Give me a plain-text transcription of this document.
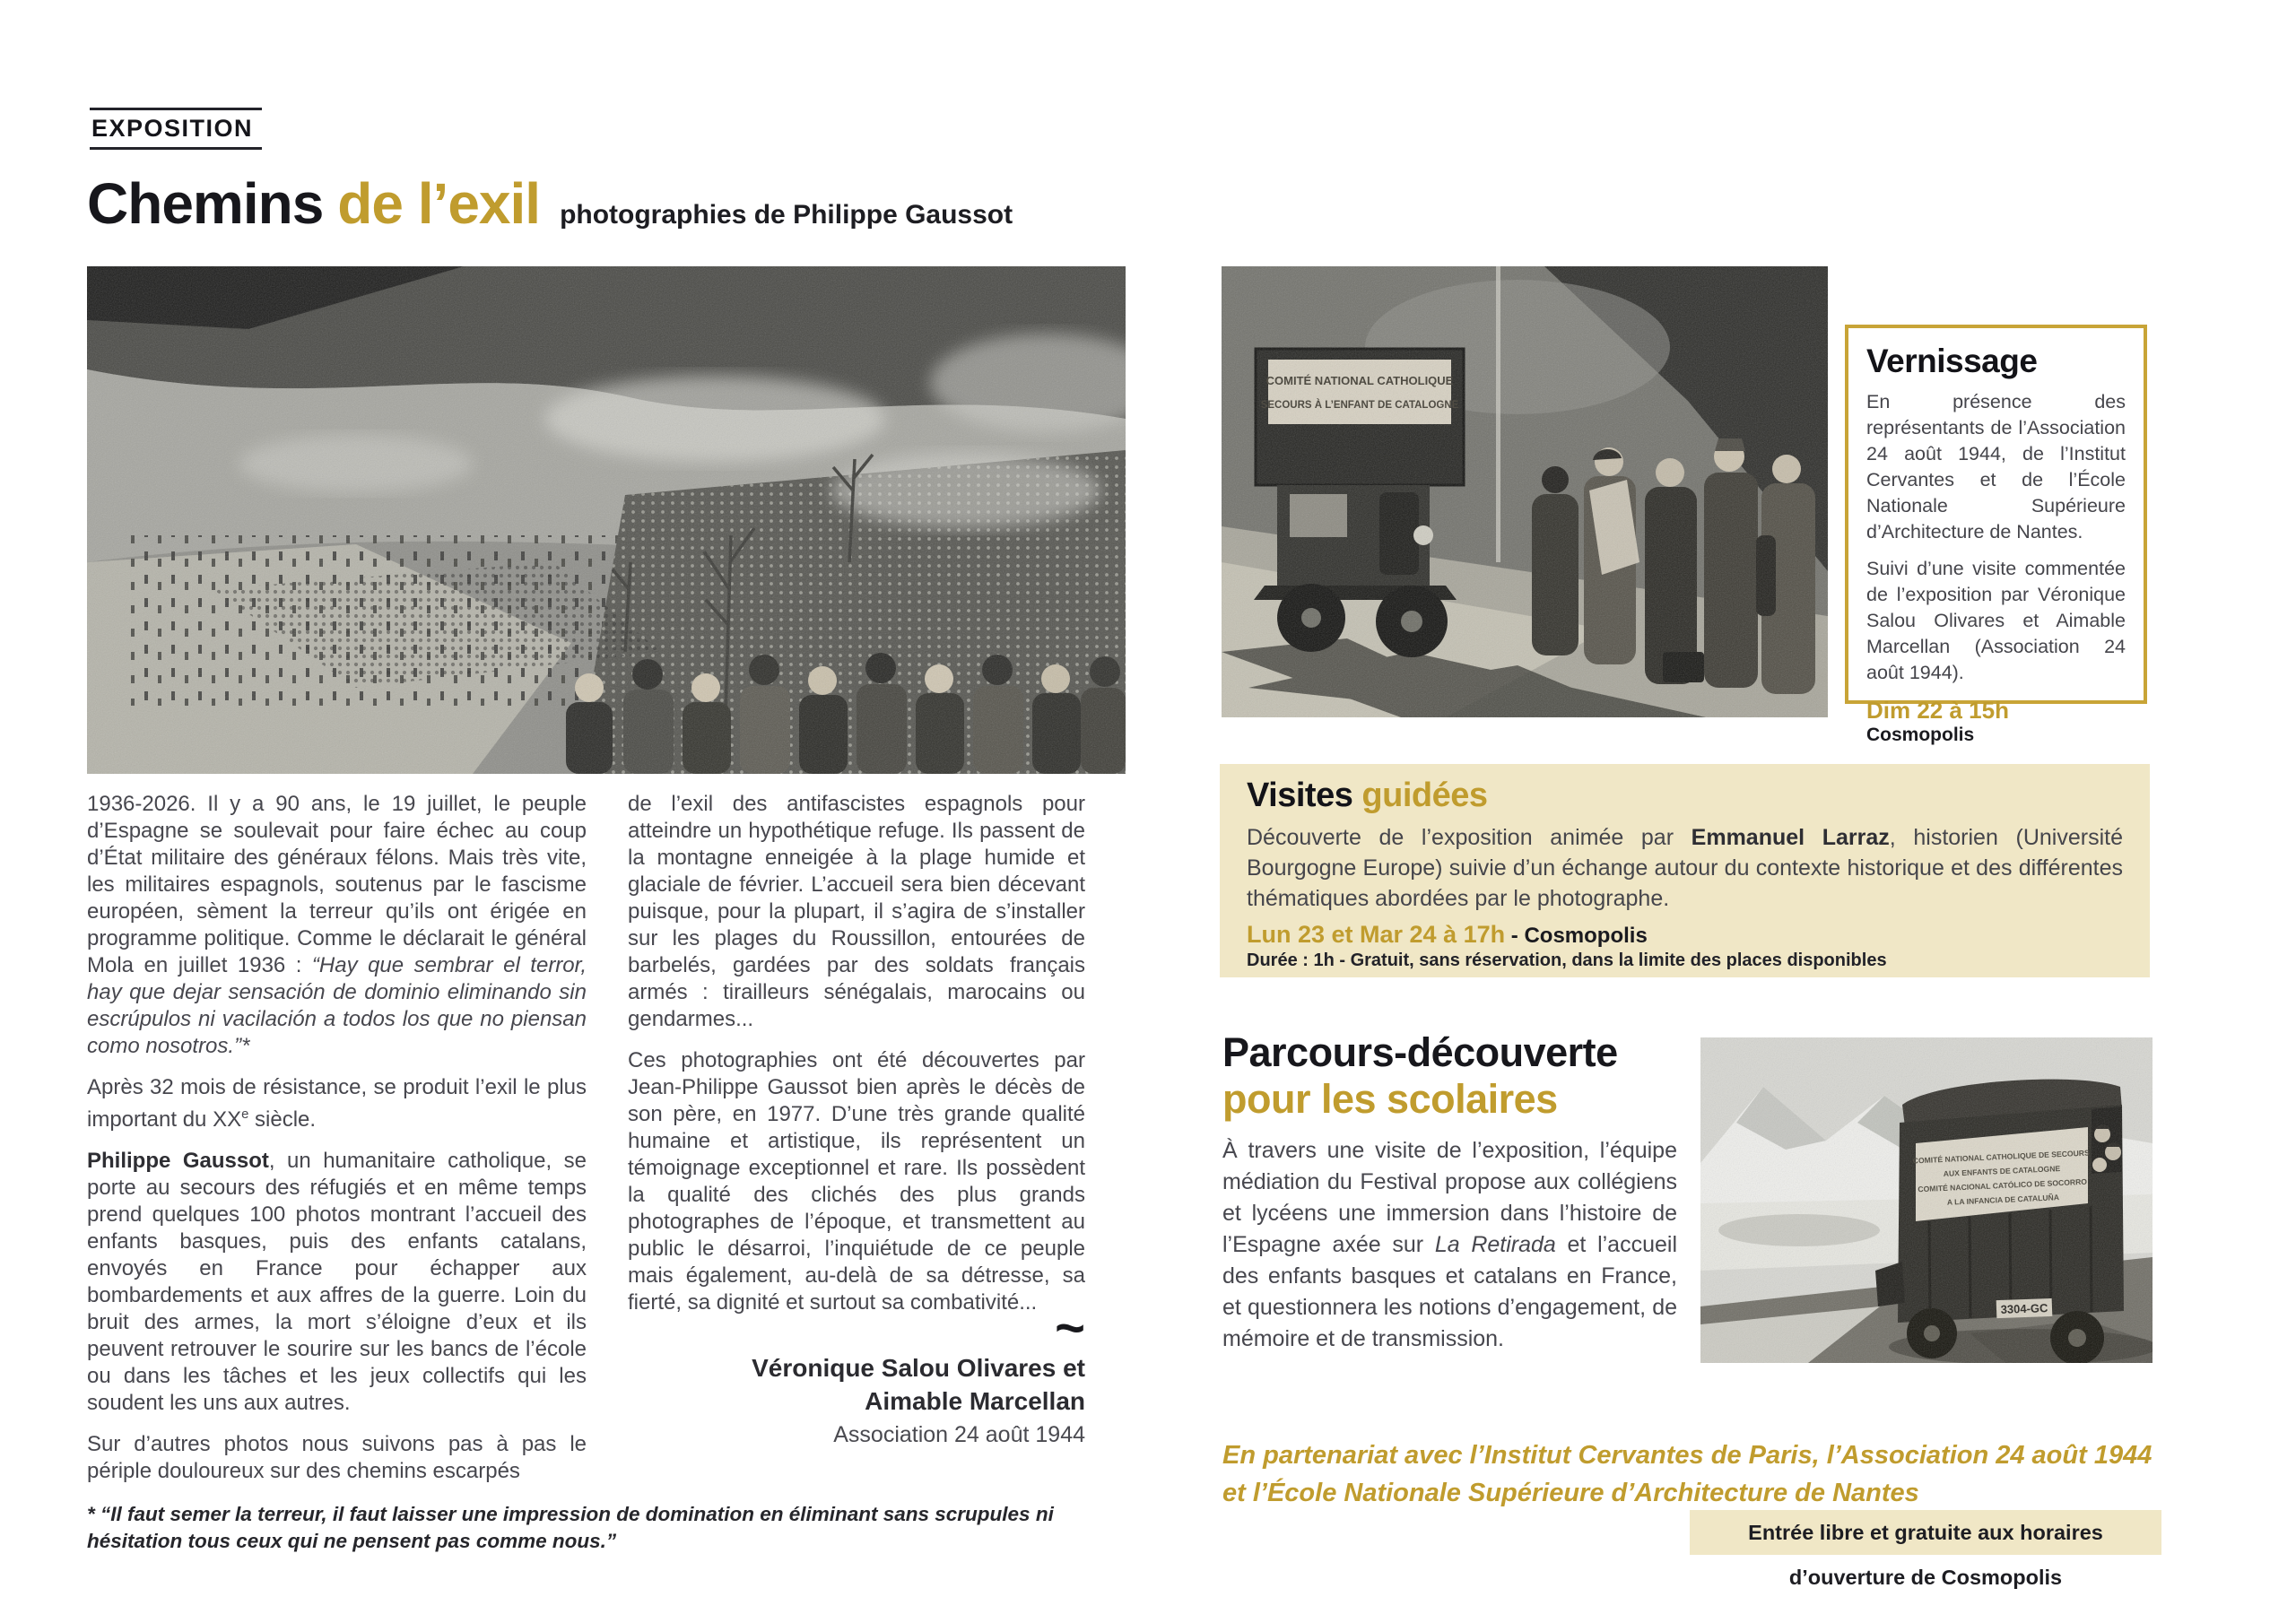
EXPOSITION
Chemins de l’exil photographies de Philippe Gaussot

1936-2026. Il y a 90 ans, le 19 juillet, le peuple d’Espagne se soulevait pour faire échec au coup d’État militaire des généraux félons. Mais très vite, les militaires espagnols, soutenus par le fascisme européen, sèment la terreur qu’ils ont érigée en programme politique. Comme le déclarait le général Mola en juillet 1936 : “Hay que sembrar el terror, hay que dejar sensación de dominio eliminando sin escrúpulos ni vacilación a todos los que no piensan como nosotros.”*

Après 32 mois de résistance, se produit l’exil le plus important du XXe siècle.

Philippe Gaussot, un humanitaire catholique, se porte au secours des réfugiés et en même temps prend quelques 100 photos montrant l’accueil des enfants basques, puis des enfants catalans, envoyés en France pour échapper aux bombardements et aux affres de la guerre. Loin du bruit des armes, la mort s’éloigne d’eux et ils peuvent retrouver le sourire sur les bancs de l’école ou dans les tâches et les jeux collectifs qui les soudent les uns aux autres.

Sur d’autres photos nous suivons pas à pas le périple douloureux sur des chemins escarpés

de l’exil des antifascistes espagnols pour atteindre un hypothétique refuge. Ils passent de la montagne enneigée à la plage humide et glaciale de février. L’accueil sera bien décevant puisque, pour la plupart, il s’agira de s’installer sur les plages du Roussillon, entourées de barbelés, gardées par des soldats français armés : tirailleurs sénégalais, marocains ou gendarmes...

Ces photographies ont été découvertes par Jean-Philippe Gaussot bien après le décès de son père, en 1977. D’une très grande qualité humaine et artistique, ils représentent un témoignage exceptionnel et rare. Ils possèdent la qualité des clichés des plus grands photographes de l’époque, et transmettent au public le désarroi, l’inquiétude de ce peuple mais également, au-delà de sa détresse, sa fierté, sa dignité et surtout sa combativité... ~
Véronique Salou Olivares et
Aimable Marcellan
Association 24 août 1944
* “Il faut semer la terreur, il faut laisser une impression de domination en éliminant sans scrupules ni hésitation tous ceux qui ne pensent pas comme nous.”
Vernissage

En présence des représentants de l’Association 24 août 1944, de l’Institut Cervantes et de l’École Nationale Supérieure d’Architecture de Nantes.

Suivi d’une visite commentée de l’exposition par Véronique Salou Olivares et Aimable Marcellan (Association 24 août 1944).

Dim 22 à 15h
Cosmopolis
Visites guidées

Découverte de l’exposition animée par Emmanuel Larraz, historien (Université Bourgogne Europe) suivie d’un échange autour du contexte historique et des différentes thématiques abordées par le photographe.

Lun 23 et Mar 24 à 17h - Cosmopolis
Durée : 1h - Gratuit, sans réservation, dans la limite des places disponibles
Parcours-découverte
pour les scolaires
À travers une visite de l’exposition, l’équipe médiation du Festival propose aux collégiens et lycéens une immersion dans l’histoire de l’Espagne axée sur La Retirada et l’accueil des enfants basques et catalans en France, et questionnera les notions d’engagement, de mémoire et de transmission.
En partenariat avec l’Institut Cervantes de Paris, l’Association 24 août 1944 et l’École Nationale Supérieure d’Architecture de Nantes
Entrée libre et gratuite aux horaires d’ouverture de Cosmopolis
